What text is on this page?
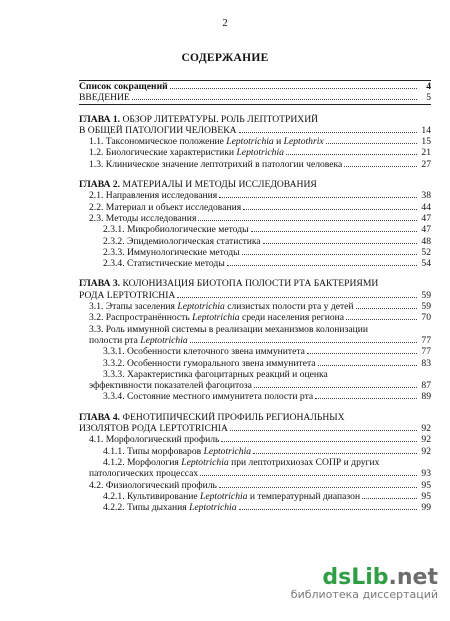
2
СОДЕРЖАНИЕ
Список сокращений	4
ВВЕДЕНИЕ	5
ГЛАВА 1. ОБЗОР ЛИТЕРАТУРЫ. РОЛЬ ЛЕПТОТРИХИЙ
В ОБЩЕЙ ПАТОЛОГИИ ЧЕЛОВЕКА	14
1.1. Таксономическое положение Leptotrichia и Leptothrix	15
1.2. Биологические характеристики Leptotrichia	21
1.3. Клиническое значение лептотрихий в патологии человека	27
ГЛАВА 2. МАТЕРИАЛЫ И МЕТОДЫ ИССЛЕДОВАНИЯ
2.1. Направления исследования	38
2.2. Материал и объект исследования	44
2.3. Методы исследования	47
2.3.1. Микробиологические методы	47
2.3.2. Эпидемиологическая статистика	48
2.3.3. Иммунологические методы	52
2.3.4. Статистические методы	54
ГЛАВА 3. КОЛОНИЗАЦИЯ БИОТОПА ПОЛОСТИ РТА БАКТЕРИЯМИ
РОДА LEPTOTRICHIA	59
3.1. Этапы заселения Leptotrichia слизистых полости рта у детей	59
3.2. Распространённость Leptotrichia среди населения региона	70
3.3. Роль иммунной системы в реализации механизмов колонизации
полости рта Leptotrichia	77
3.3.1. Особенности клеточного звена иммунитета	77
3.3.2. Особенности гуморального звена иммунитета	83
3.3.3. Характеристика фагоцитарных реакций и оценка
эффективности показателей фагоцитоза	87
3.3.4. Состояние местного иммунитета полости рта	89
ГЛАВА 4. ФЕНОТИПИЧЕСКИЙ ПРОФИЛЬ РЕГИОНАЛЬНЫХ
ИЗОЛЯТОВ РОДА LEPTOTRICHIA	92
4.1. Морфологический профиль	92
4.1.1. Типы морфоваров Leptotrichia	92
4.1.2. Морфология Leptotrichia при лептотрихиозах СОПР и других
патологических процессах	93
4.2. Физиологический профиль	95
4.2.1. Культивирование Leptotrichia и температурный диапазон	95
4.2.2. Типы дыхания Leptotrichia	99
dsLib.net
библиотека диссертаций
